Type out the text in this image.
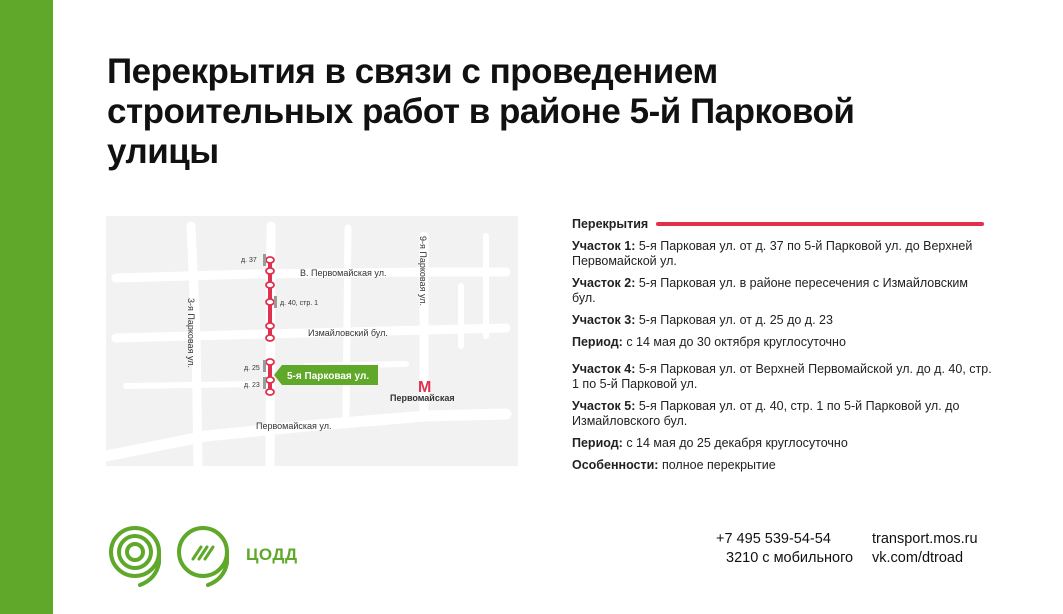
Перекрытия в связи с проведением строительных работ в районе 5-й Парковой улицы
д. 37
д. 40, стр. 1
д. 25
д. 23
В. Первомайская ул.
Измайловский бул.
Первомайская ул.
3-я Парковая ул.
9-я Парковая ул.
5-я Парковая ул.
М
Первомайская
Перекрытия
Участок 1: 5-я Парковая ул. от д. 37 по 5-й Парковой ул. до Верхней Первомайской ул.
Участок 2: 5-я Парковая ул. в районе пересечения с Измайловским бул.
Участок 3: 5-я Парковая ул. от д. 25 до д. 23
Период: с 14 мая до 30 октября круглосуточно
Участок 4: 5-я Парковая ул. от Верхней Первомайской ул. до д. 40, стр. 1 по 5-й Парковой ул.
Участок 5: 5-я Парковая ул. от д. 40, стр. 1 по 5-й Парковой ул. до Измайловского бул.
Период: с 14 мая до 25 декабря круглосуточно
Особенности: полное перекрытие
ЦОДД
+7 495 539-54-54
3210 с мобильного
transport.mos.ru
vk.com/dtroad
